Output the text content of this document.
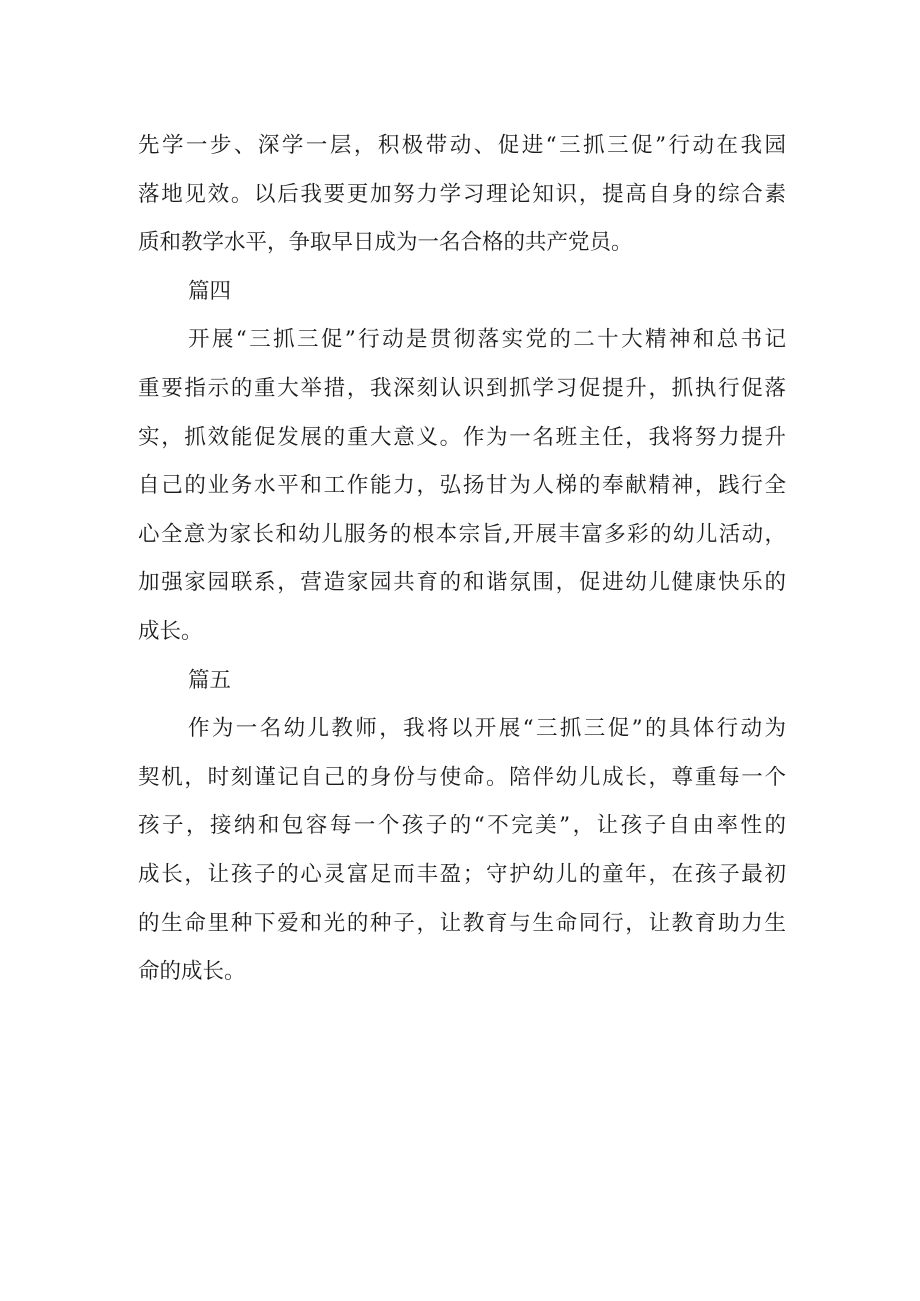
先学一步、深学一层，积极带动、促进“三抓三促”行动在我园
落地见效。以后我要更加努力学习理论知识，提高自身的综合素
质和教学水平，争取早日成为一名合格的共产党员。
篇四
开展“三抓三促”行动是贯彻落实党的二十大精神和总书记
重要指示的重大举措，我深刻认识到抓学习促提升，抓执行促落
实，抓效能促发展的重大意义。作为一名班主任，我将努力提升
自己的业务水平和工作能力，弘扬甘为人梯的奉献精神，践行全
心全意为家长和幼儿服务的根本宗旨,开展丰富多彩的幼儿活动，
加强家园联系，营造家园共育的和谐氛围，促进幼儿健康快乐的
成长。
篇五
作为一名幼儿教师，我将以开展“三抓三促”的具体行动为
契机，时刻谨记自己的身份与使命。陪伴幼儿成长，尊重每一个
孩子，接纳和包容每一个孩子的“不完美”，让孩子自由率性的
成长，让孩子的心灵富足而丰盈；守护幼儿的童年，在孩子最初
的生命里种下爱和光的种子，让教育与生命同行，让教育助力生
命的成长。
